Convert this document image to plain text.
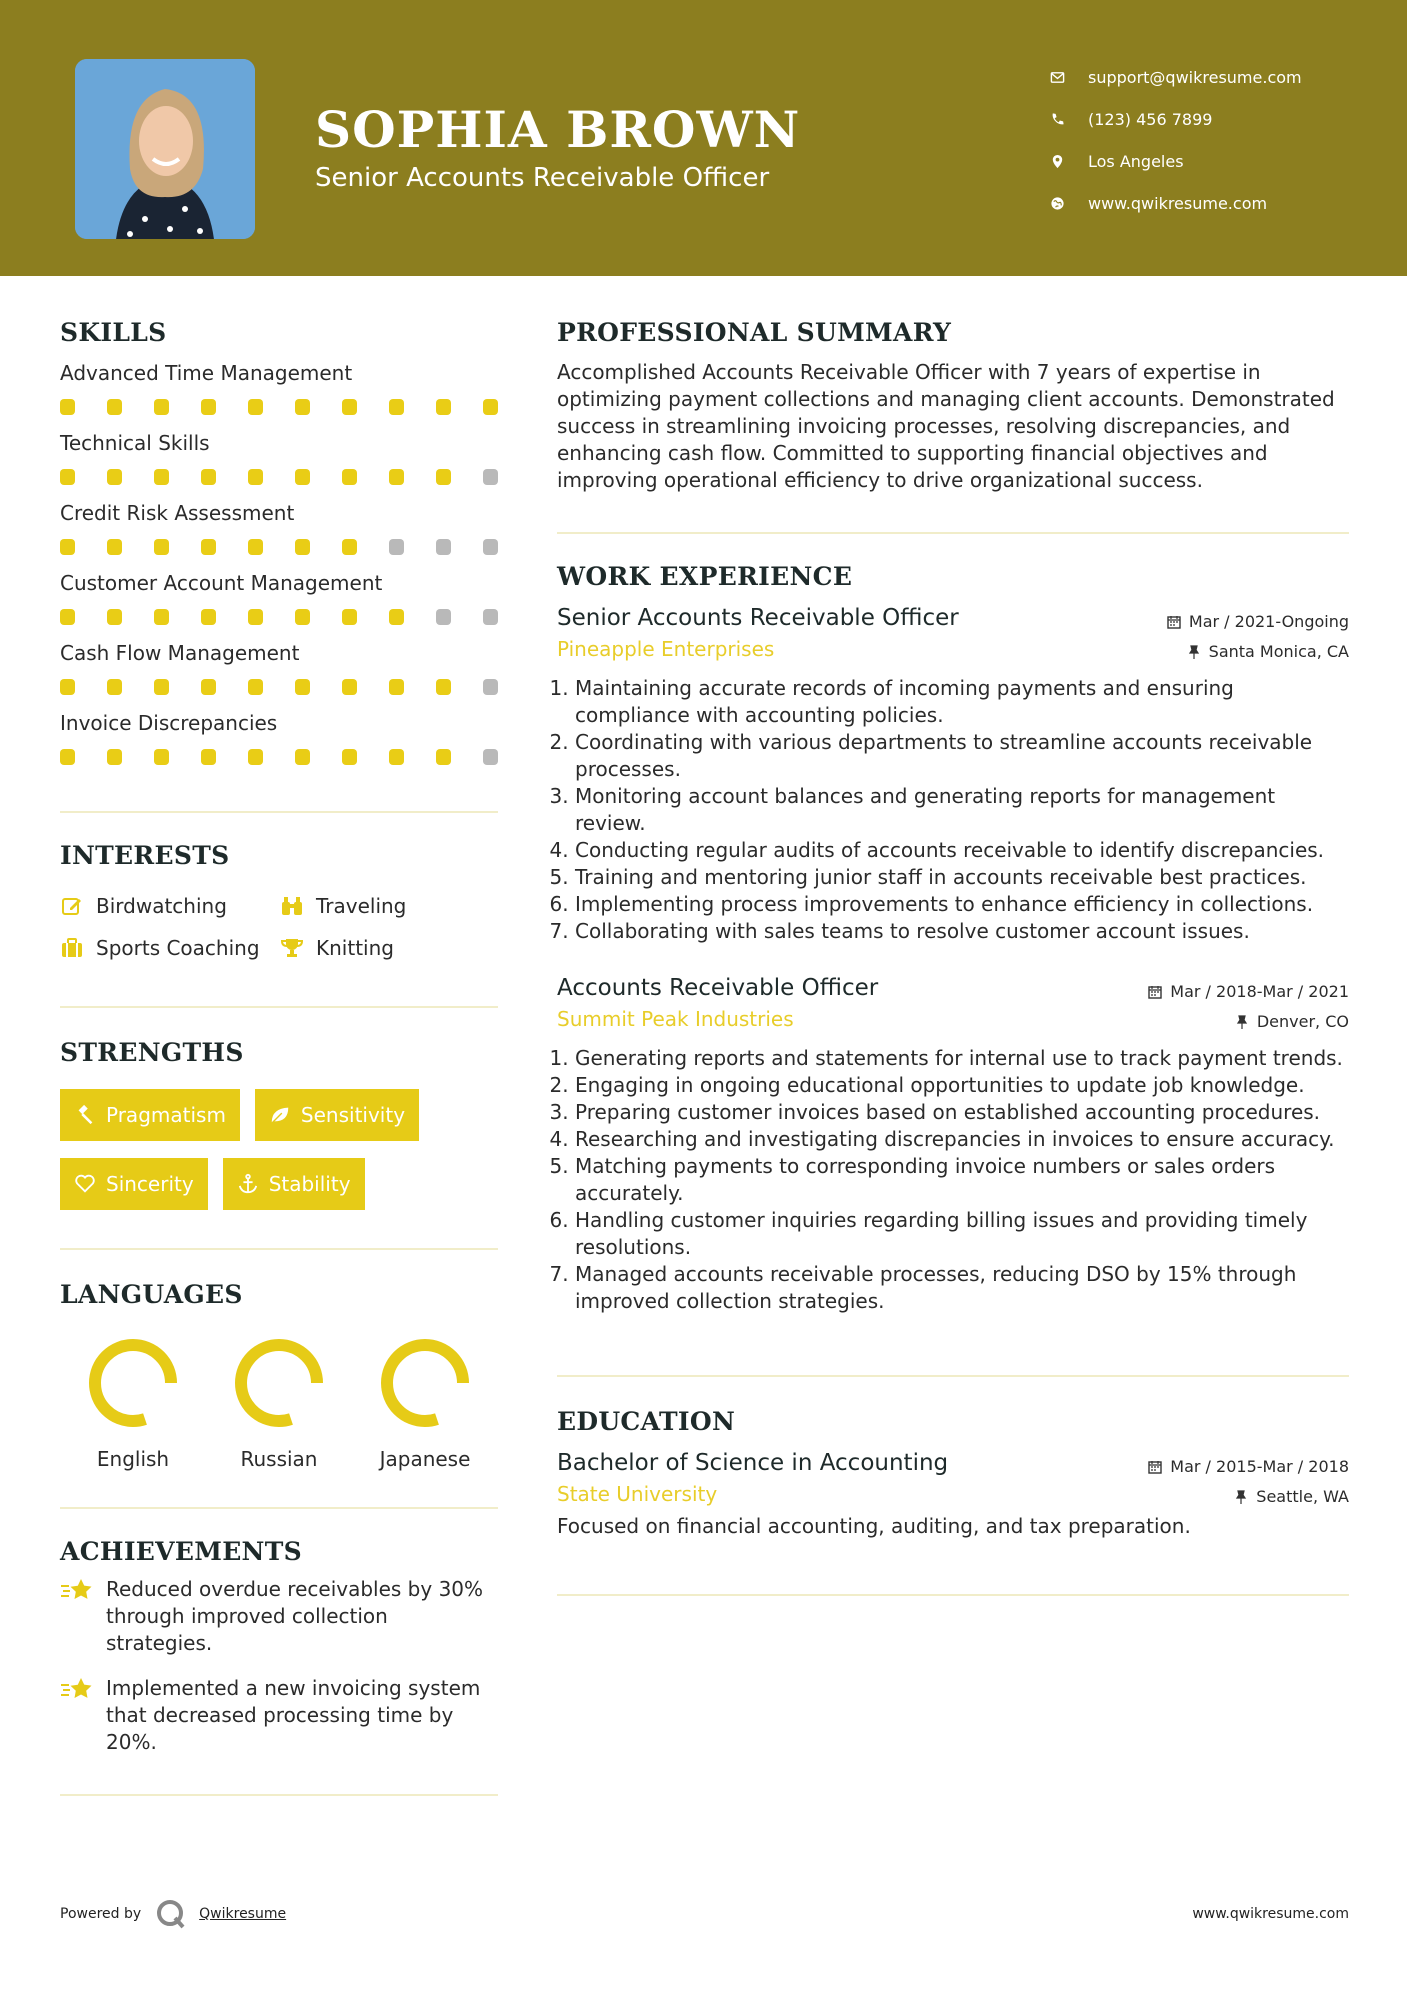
SOPHIA BROWN
Senior Accounts Receivable Officer
support@qwikresume.com
(123) 456 7899
Los Angeles
www.qwikresume.com
SKILLS
Advanced Time Management
Technical Skills
Credit Risk Assessment
Customer Account Management
Cash Flow Management
Invoice Discrepancies
INTERESTS
Birdwatching	Traveling
Sports Coaching	Knitting
STRENGTHS
Pragmatism	Sensitivity
Sincerity	Stability
LANGUAGES
English	Russian	Japanese
ACHIEVEMENTS

Reduced overdue receivables by 30% through improved collection strategies.

Implemented a new invoicing system that decreased processing time by 20%.

PROFESSIONAL SUMMARY

Accomplished Accounts Receivable Officer with 7 years of expertise in optimizing payment collections and managing client accounts. Demonstrated success in streamlining invoicing processes, resolving discrepancies, and enhancing cash flow. Committed to supporting financial objectives and improving operational efficiency to drive organizational success.

WORK EXPERIENCE
Senior Accounts Receivable Officer	Mar / 2021-Ongoing
Pineapple Enterprises	Santa Monica, CA
1. Maintaining accurate records of incoming payments and ensuring compliance with accounting policies.
2. Coordinating with various departments to streamline accounts receivable processes.
3. Monitoring account balances and generating reports for management review.
4. Conducting regular audits of accounts receivable to identify discrepancies.
5. Training and mentoring junior staff in accounts receivable best practices.
6. Implementing process improvements to enhance efficiency in collections.
7. Collaborating with sales teams to resolve customer account issues.
Accounts Receivable Officer	Mar / 2018-Mar / 2021
Summit Peak Industries	Denver, CO
1. Generating reports and statements for internal use to track payment trends.
2. Engaging in ongoing educational opportunities to update job knowledge.
3. Preparing customer invoices based on established accounting procedures.
4. Researching and investigating discrepancies in invoices to ensure accuracy.
5. Matching payments to corresponding invoice numbers or sales orders accurately.
6. Handling customer inquiries regarding billing issues and providing timely resolutions.
7. Managed accounts receivable processes, reducing DSO by 15% through improved collection strategies.
EDUCATION
Bachelor of Science in Accounting	Mar / 2015-Mar / 2018
State University	Seattle, WA

Focused on financial accounting, auditing, and tax preparation.

Powered by	Qwikresume	www.qwikresume.com
